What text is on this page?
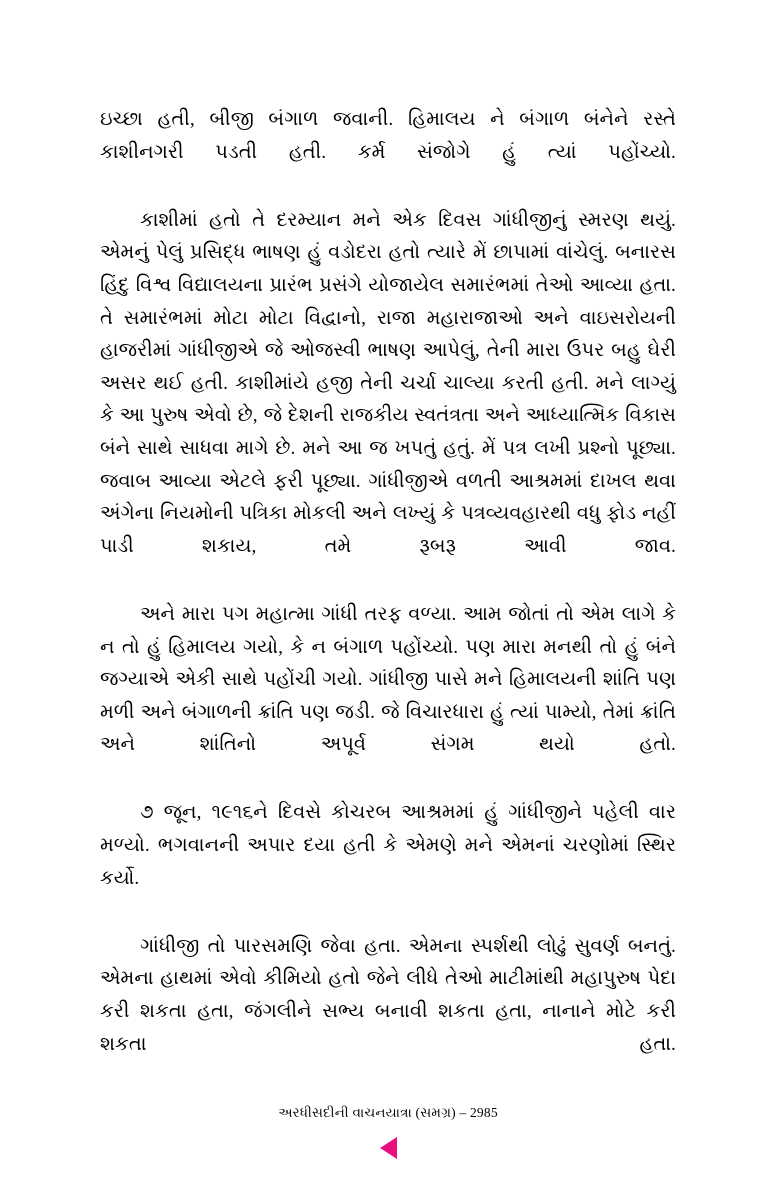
ઇચ્છા હતી, બીજી બંગાળ જવાની. હિમાલય ને બંગાળ બંનેને રસ્તે કાશીનગરી પડતી હતી. કર્મ સંજોગે હું ત્યાં પહોંચ્યો.

કાશીમાં હતો તે દરમ્યાન મને એક દિવસ ગાંધીજીનું સ્મરણ થયું. એમનું પેલું પ્રસિદ્ધ ભાષણ હું વડોદરા હતો ત્યારે મેં છાપામાં વાંચેલું. બનારસ હિંદુ વિશ્વ વિદ્યાલયના પ્રારંભ પ્રસંગે યોજાયેલ સમારંભમાં તેઓ આવ્યા હતા. તે સમારંભમાં મોટા મોટા વિદ્વાનો, રાજા મહારાજાઓ અને વાઇસરોયની હાજરીમાં ગાંધીજીએ જે ઓજસ્વી ભાષણ આપેલું, તેની મારા ઉપર બહુ ઘેરી અસર થઈ હતી. કાશીમાંયે હજી તેની ચર્ચા ચાલ્યા કરતી હતી. મને લાગ્યું કે આ પુરુષ એવો છે, જે દેશની રાજકીય સ્વતંત્રતા અને આધ્યાત્મિક વિકાસ બંને સાથે સાધવા માગે છે. મને આ જ ખપતું હતું. મેં પત્ર લખી પ્રશ્નો પૂછ્યા. જવાબ આવ્યા એટલે ફરી પૂછ્યા. ગાંધીજીએ વળતી આશ્રમમાં દાખલ થવા અંગેના નિયમોની પત્રિકા મોકલી અને લખ્યું કે પત્રવ્યવહારથી વધુ ફોડ નહીં પાડી શકાય, તમે રૂબરૂ આવી જાવ.

અને મારા પગ મહાત્મા ગાંધી તરફ વળ્યા. આમ જોતાં તો એમ લાગે કે ન તો હું હિમાલય ગયો, કે ન બંગાળ પહોંચ્યો. પણ મારા મનથી તો હું બંને જગ્યાએ એકી સાથે પહોંચી ગયો. ગાંધીજી પાસે મને હિમાલયની શાંતિ પણ મળી અને બંગાળની ક્રાંતિ પણ જડી. જે વિચારધારા હું ત્યાં પામ્યો, તેમાં ક્રાંતિ અને શાંતિનો અપૂર્વ સંગમ થયો હતો.

૭ જૂન, ૧૯૧૬ને દિવસે કોચરબ આશ્રમમાં હું ગાંધીજીને પહેલી વાર મળ્યો. ભગવાનની અપાર દયા હતી કે એમણે મને એમનાં ચરણોમાં સ્થિર કર્યો.

ગાંધીજી તો પારસમણિ જેવા હતા. એમના સ્પર્શથી લોઢું સુવર્ણ બનતું. એમના હાથમાં એવો કીમિયો હતો જેને લીધે તેઓ માટીમાંથી મહાપુરુષ પેદા કરી શકતા હતા, જંગલીને સભ્ય બનાવી શકતા હતા, નાનાને મોટે કરી શકતા હતા.

અરધીસદીની વાચનયાત્રા (સમગ્ર) – 2985
